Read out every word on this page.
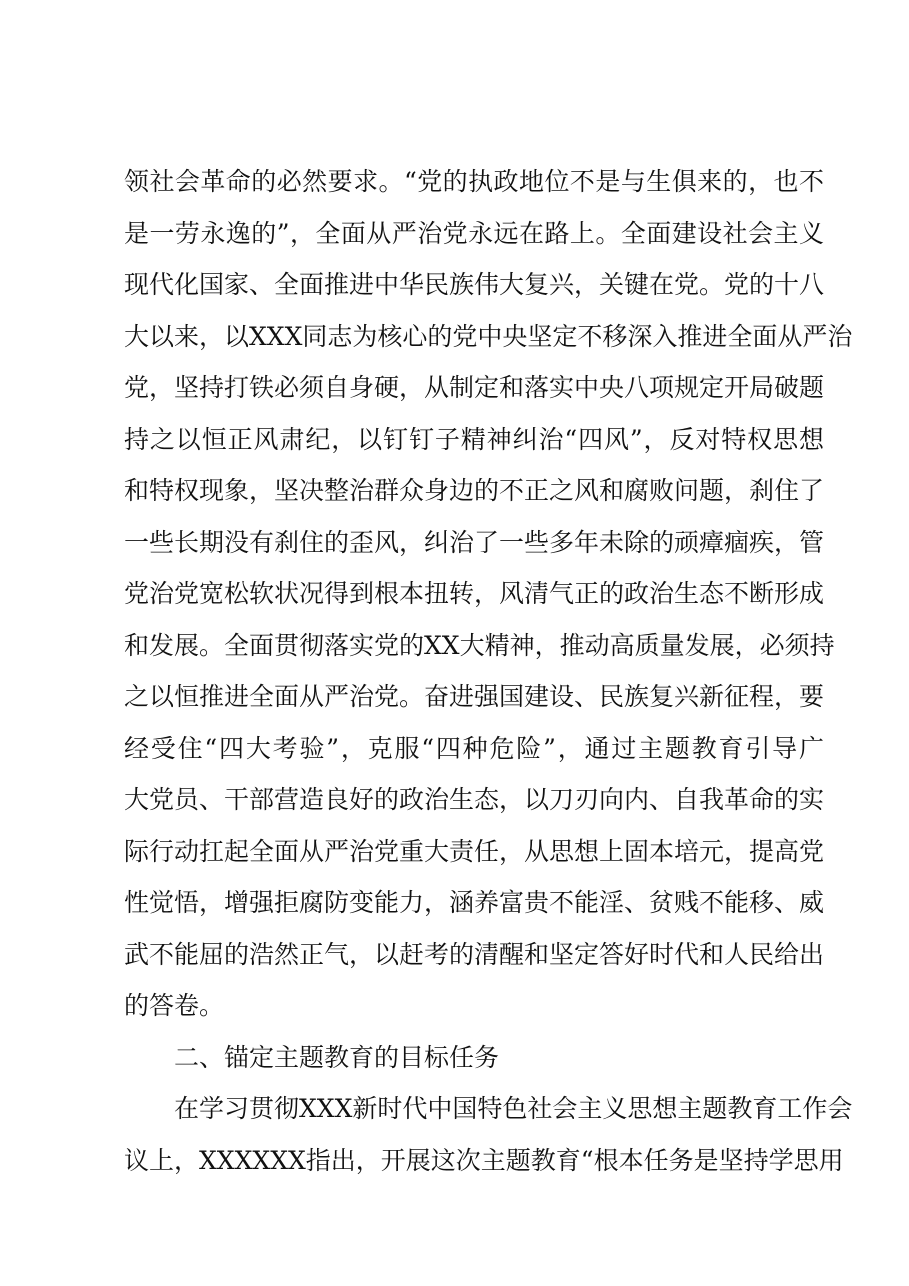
领社会革命的必然要求。“党的执政地位不是与生俱来的，也不
是一劳永逸的”，全面从严治党永远在路上。全面建设社会主义
现代化国家、全面推进中华民族伟大复兴，关键在党。党的十八
大以来，以XXX同志为核心的党中央坚定不移深入推进全面从严治
党，坚持打铁必须自身硬，从制定和落实中央八项规定开局破题
持之以恒正风肃纪，以钉钉子精神纠治“四风”，反对特权思想
和特权现象，坚决整治群众身边的不正之风和腐败问题，刹住了
一些长期没有刹住的歪风，纠治了一些多年未除的顽瘴痼疾，管
党治党宽松软状况得到根本扭转，风清气正的政治生态不断形成
和发展。全面贯彻落实党的XX大精神，推动高质量发展，必须持
之以恒推进全面从严治党。奋进强国建设、民族复兴新征程，要
经受住“四大考验”，克服“四种危险”，通过主题教育引导广
大党员、干部营造良好的政治生态，以刀刃向内、自我革命的实
际行动扛起全面从严治党重大责任，从思想上固本培元，提高党
性觉悟，增强拒腐防变能力，涵养富贵不能淫、贫贱不能移、威
武不能屈的浩然正气，以赶考的清醒和坚定答好时代和人民给出
的答卷。
二、锚定主题教育的目标任务
在学习贯彻XXX新时代中国特色社会主义思想主题教育工作会
议上，XXXXXX指出，开展这次主题教育“根本任务是坚持学思用
